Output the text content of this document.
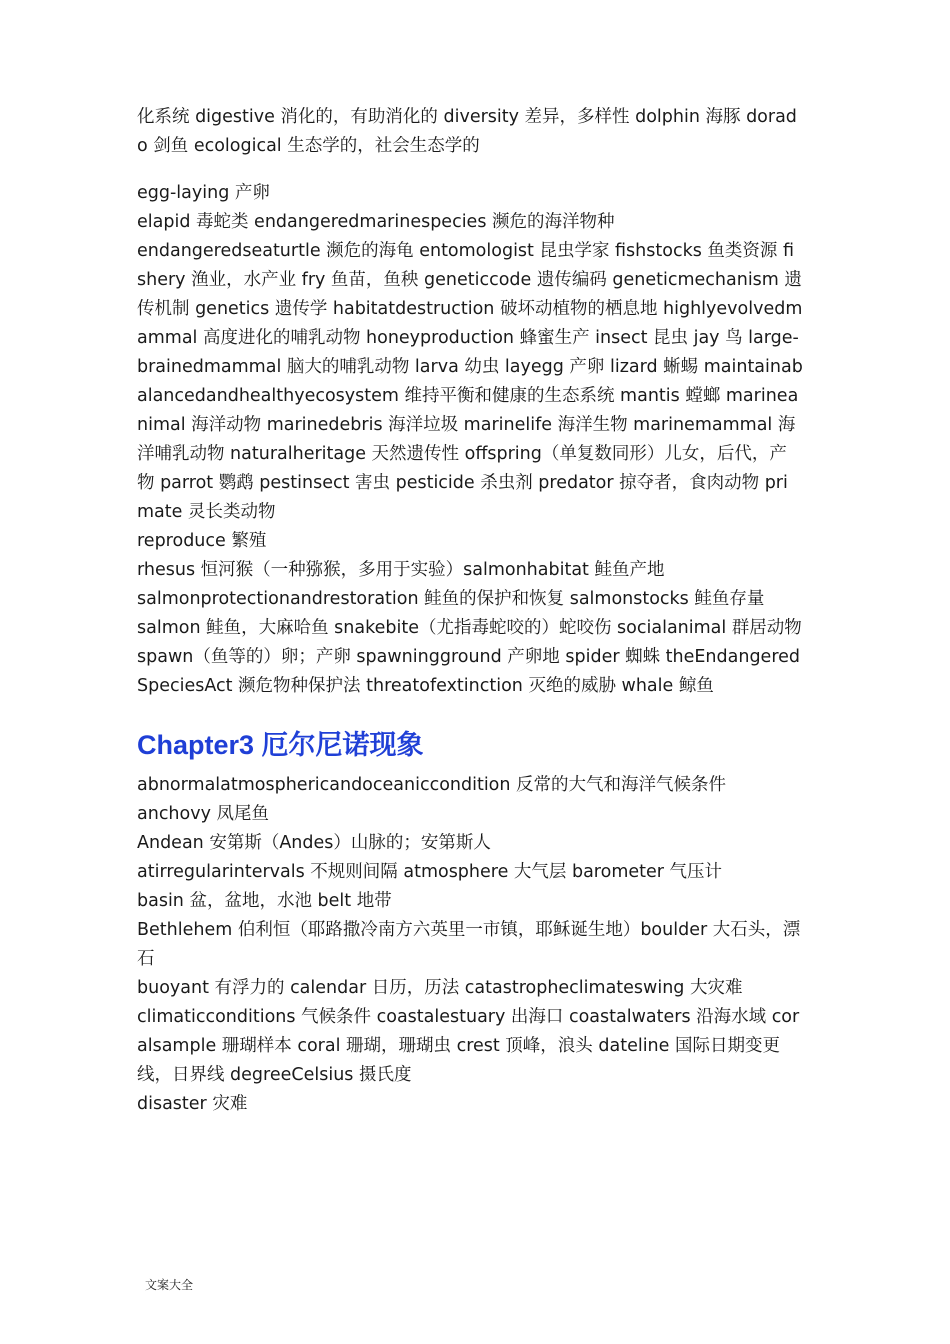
化系统 digestive 消化的，有助消化的 diversity 差异，多样性 dolphin 海豚 dorado 剑鱼 ecological 生态学的，社会生态学的

egg-laying 产卵

elapid 毒蛇类 endangeredmarinespecies 濒危的海洋物种

endangeredseaturtle 濒危的海龟 entomologist 昆虫学家 fishstocks 鱼类资源 fishery 渔业，水产业 fry 鱼苗，鱼秧 geneticcode 遗传编码 geneticmechanism 遗传机制 genetics 遗传学 habitatdestruction 破坏动植物的栖息地 highlyevolvedmammal 高度进化的哺乳动物 honeyproduction 蜂蜜生产 insect 昆虫 jay 鸟 large-brainedmammal 脑大的哺乳动物 larva 幼虫 layegg 产卵 lizard 蜥蜴 maintainabalancedandhealthyecosystem 维持平衡和健康的生态系统 mantis 螳螂 marineanimal 海洋动物 marinedebris 海洋垃圾 marinelife 海洋生物 marinemammal 海洋哺乳动物 naturalheritage 天然遗传性 offspring（单复数同形）儿女，后代，产物 parrot 鹦鹉 pestinsect 害虫 pesticide 杀虫剂 predator 掠夺者，食肉动物 primate 灵长类动物

reproduce 繁殖

rhesus 恒河猴（一种猕猴，多用于实验）salmonhabitat 鲑鱼产地

salmonprotectionandrestoration 鲑鱼的保护和恢复 salmonstocks 鲑鱼存量

salmon 鲑鱼，大麻哈鱼 snakebite（尤指毒蛇咬的）蛇咬伤 socialanimal 群居动物 spawn（鱼等的）卵；产卵 spawningground 产卵地 spider 蜘蛛 theEndangeredSpeciesAct 濒危物种保护法 threatofextinction 灭绝的威胁 whale 鲸鱼

Chapter3 厄尔尼诺现象

abnormalatmosphericandoceaniccondition 反常的大气和海洋气候条件

anchovy 凤尾鱼

Andean 安第斯（Andes）山脉的；安第斯人

atirregularintervals 不规则间隔 atmosphere 大气层 barometer 气压计

basin 盆，盆地，水池 belt 地带

Bethlehem 伯利恒（耶路撒冷南方六英里一市镇，耶稣诞生地）boulder 大石头，漂石

buoyant 有浮力的 calendar 日历，历法 catastropheclimateswing 大灾难

climaticconditions 气候条件 coastalestuary 出海口 coastalwaters 沿海水域 coralsample 珊瑚样本 coral 珊瑚，珊瑚虫 crest 顶峰，浪头 dateline 国际日期变更线，日界线 degreeCelsius 摄氏度

disaster 灾难

文案大全
